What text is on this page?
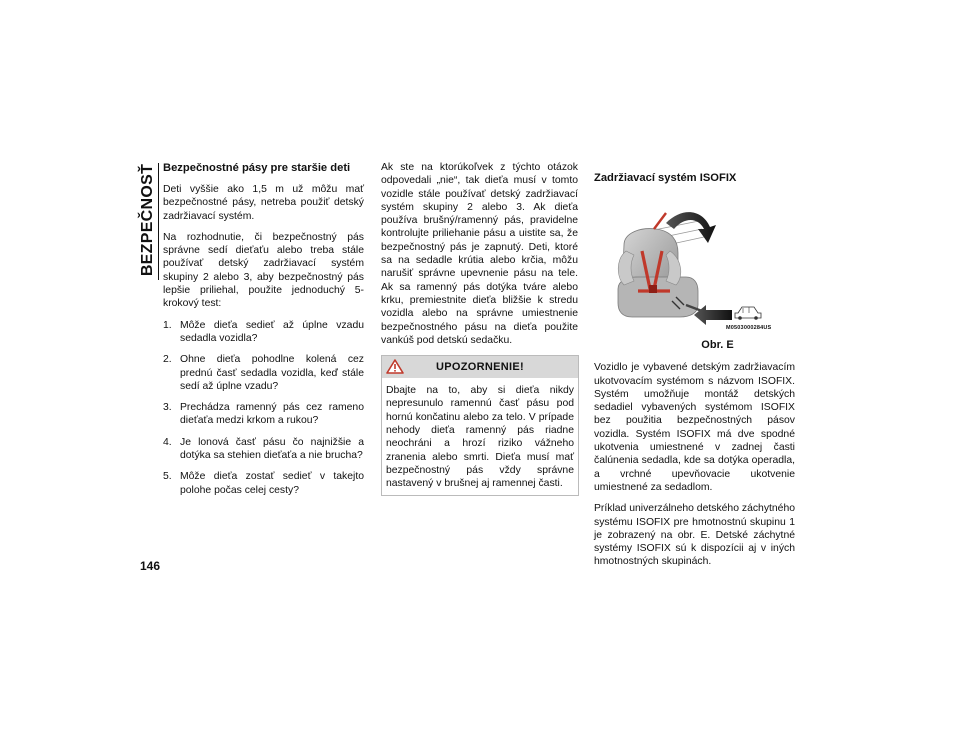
BEZPEČNOSŤ Bezpečnostné pásy pre staršie deti

Deti vyššie ako 1,5 m už môžu mať bezpečnostné pásy, netreba použiť detský zadržiavací systém.

Na rozhodnutie, či bezpečnostný pás správne sedí dieťaťu alebo treba stále používať detský zadržiavací systém skupiny 2 alebo 3, aby bezpečnostný pás lepšie priliehal, použite jednoduchý 5-krokový test:

1. Môže dieťa sedieť až úplne vzadu sedadla vozidla?
2. Ohne dieťa pohodlne kolená cez prednú časť sedadla vozidla, keď stále sedí až úplne vzadu?
3. Prechádza ramenný pás cez rameno dieťaťa medzi krkom a rukou?
4. Je lonová časť pásu čo najnižšie a dotýka sa stehien dieťaťa a nie brucha?
5. Môže dieťa zostať sedieť v takejto polohe počas celej cesty?

Ak ste na ktorúkoľvek z týchto otázok odpovedali „nie“, tak dieťa musí v tomto vozidle stále používať detský zadržiavací systém skupiny 2 alebo 3. Ak dieťa používa brušný/ramenný pás, pravidelne kontrolujte priliehanie pásu a uistite sa, že bezpečnostný pás je zapnutý. Deti, ktoré sa na sedadle krútia alebo krčia, môžu narušiť správne upevnenie pásu na tele. Ak sa ramenný pás dotýka tváre alebo krku, premiestnite dieťa bližšie k stredu vozidla alebo na správne umiestnenie bezpečnostného pásu na dieťa použite vankúš pod detskú sedačku.

UPOZORNENIE!
Dbajte na to, aby si dieťa nikdy nepresunulo ramennú časť pásu pod hornú končatinu alebo za telo. V prípade nehody dieťa ramenný pás riadne neochráni a hrozí riziko vážneho zranenia alebo smrti. Dieťa musí mať bezpečnostný pás vždy správne nastavený v brušnej aj ramennej časti.
Zadržiavací systém ISOFIX
M0503000284US
Obr. E

Vozidlo je vybavené detským zadržiavacím ukotvovacím systémom s názvom ISOFIX. Systém umožňuje montáž detských sedadiel vybavených systémom ISOFIX bez použitia bezpečnostných pásov vozidla. Systém ISOFIX má dve spodné ukotvenia umiestnené v zadnej časti čalúnenia sedadla, kde sa dotýka operadla, a vrchné upevňovacie ukotvenie umiestnené za sedadlom.

Príklad univerzálneho detského záchytného systému ISOFIX pre hmotnostnú skupinu 1 je zobrazený na obr. E. Detské záchytné systémy ISOFIX sú k dispozícii aj v iných hmotnostných skupinách.

146
